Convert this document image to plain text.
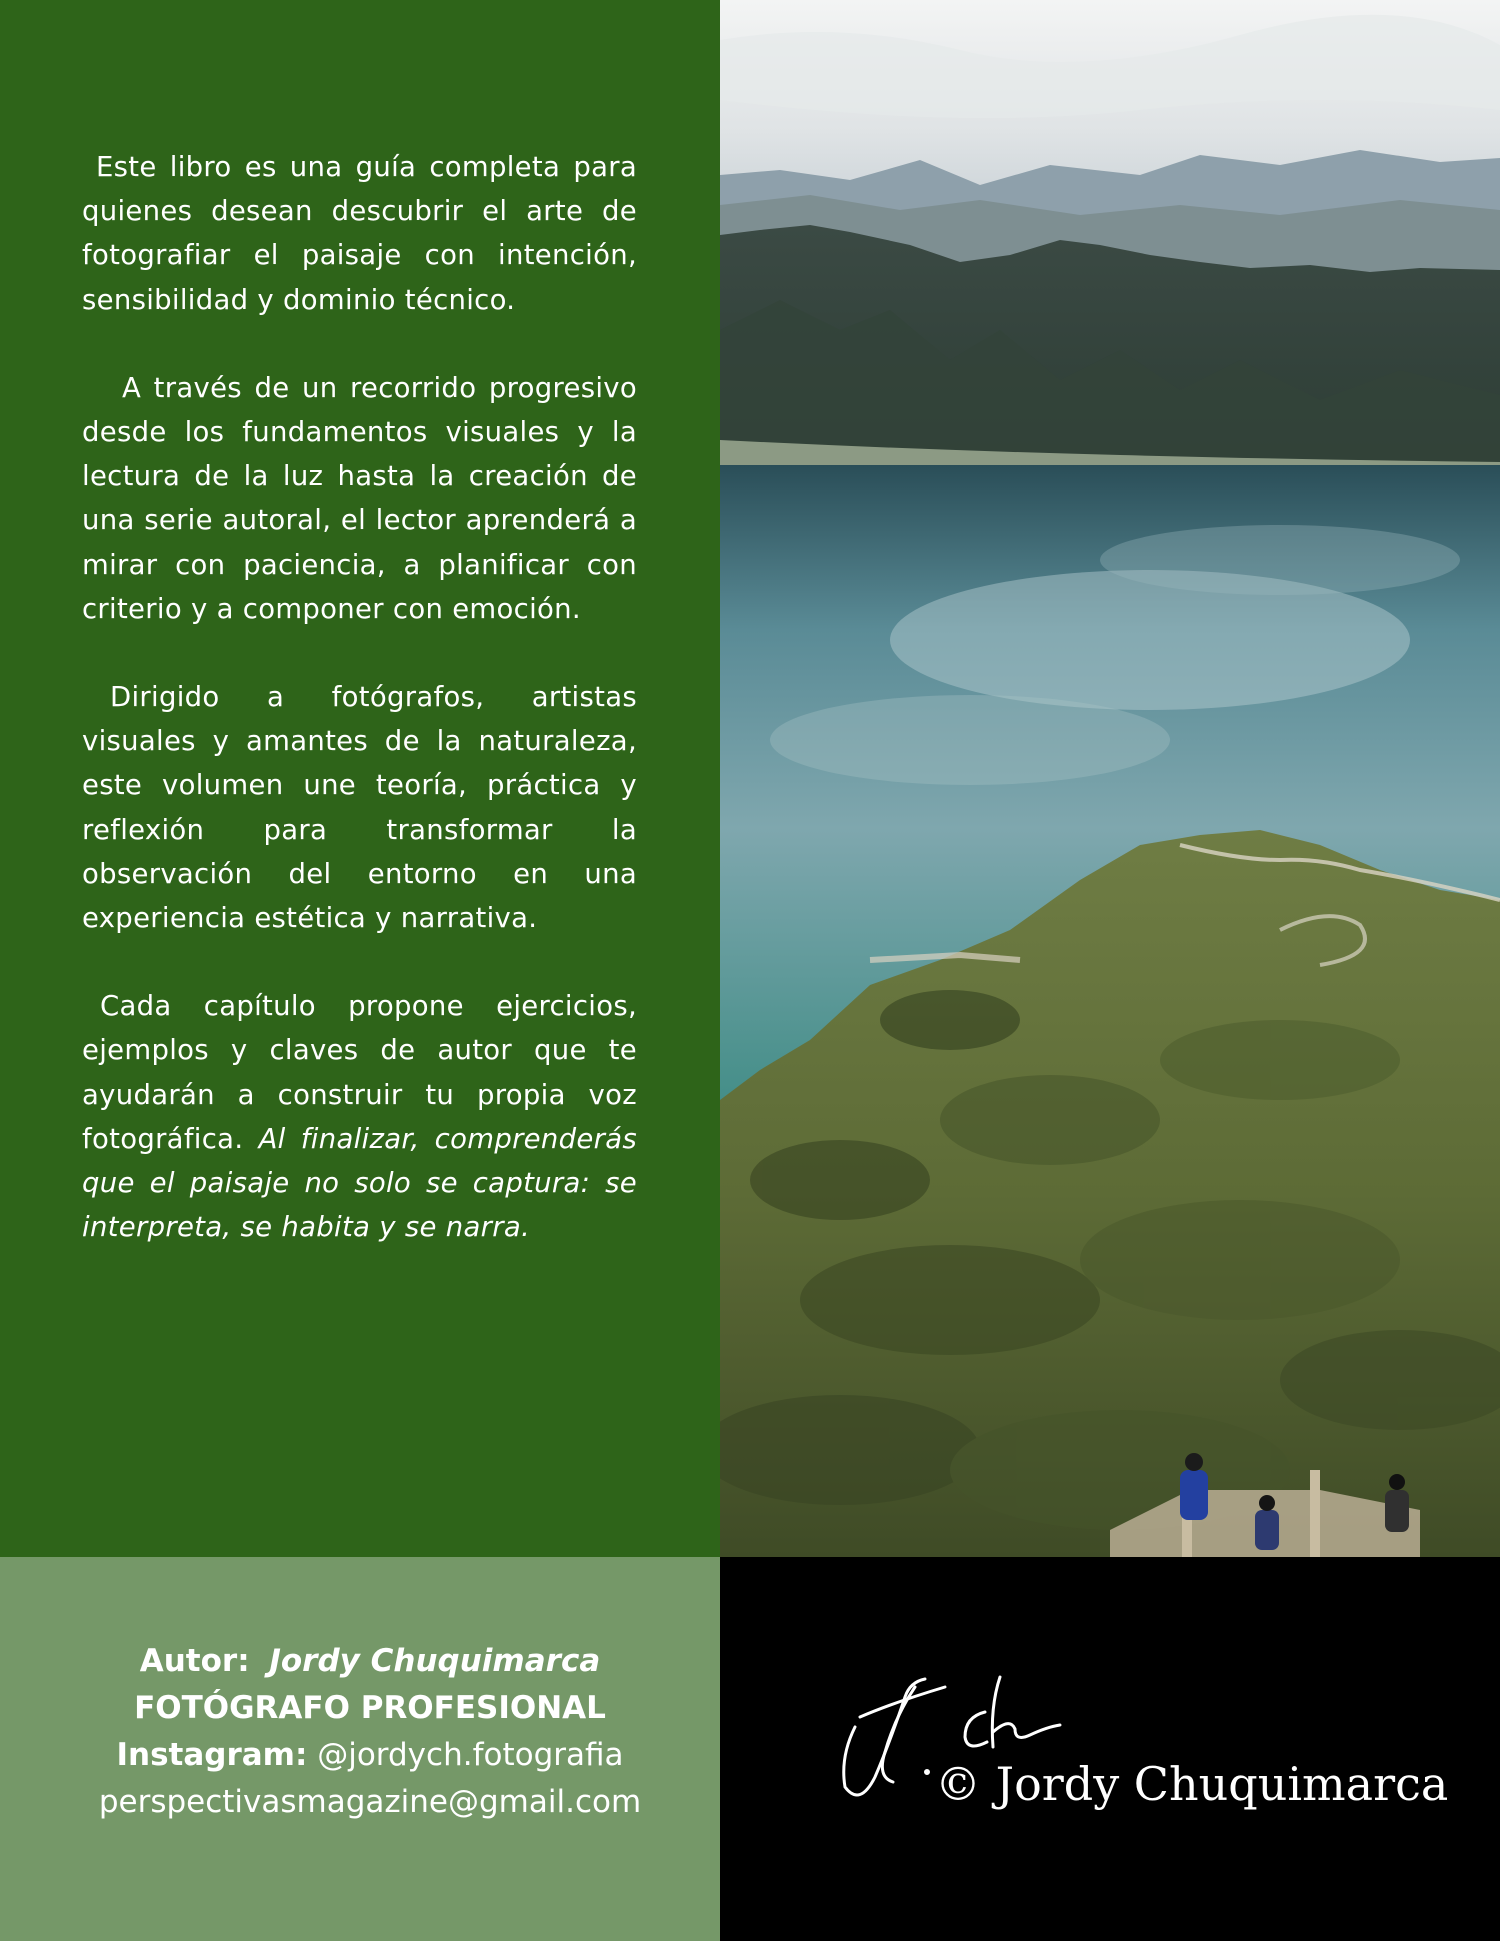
Este libro es una guía completa para quienes desean descubrir el arte de fotografiar el paisaje con intención, sensibilidad y dominio técnico.

A través de un recorrido progresivo desde los fundamentos visuales y la lectura de la luz hasta la creación de una serie autoral, el lector aprenderá a mirar con paciencia, a planificar con criterio y a componer con emoción.

Dirigido a fotógrafos, artistas visuales y amantes de la naturaleza, este volumen une teoría, práctica y reflexión para transformar la observación del entorno en una experiencia estética y narrativa.

Cada capítulo propone ejercicios, ejemplos y claves de autor que te ayudarán a construir tu propia voz fotográfica. Al finalizar, comprenderás que el paisaje no solo se captura: se interpreta, se habita y se narra.

Autor: Jordy Chuquimarca
FOTÓGRAFO PROFESIONAL
Instagram: @jordych.fotografia
perspectivasmagazine@gmail.com	© Jordy Chuquimarca
